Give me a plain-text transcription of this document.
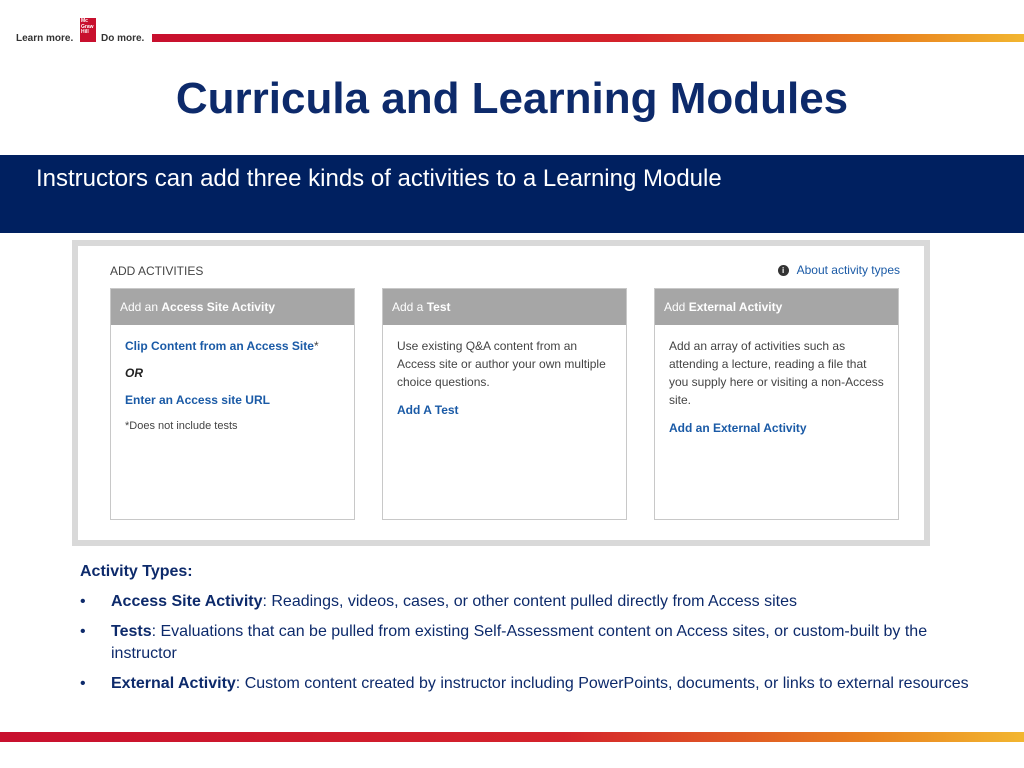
Learn more.
Mc
Graw
Hill
Do more.
Curricula and Learning Modules
Instructors can add three kinds of activities to a Learning Module
ADD ACTIVITIES	i About activity types
Add an Access Site Activity
Clip Content from an Access Site*
OR
Enter an Access site URL
*Does not include tests
Add a Test
Use existing Q&A content from an Access site or author your own multiple choice questions.
Add A Test
Add External Activity
Add an array of activities such as attending a lecture, reading a file that you supply here or visiting a non-Access site.
Add an External Activity
Activity Types:
• Access Site Activity: Readings, videos, cases, or other content pulled directly from Access sites
• Tests: Evaluations that can be pulled from existing Self-Assessment content on Access sites, or custom-built by the instructor
• External Activity: Custom content created by instructor including PowerPoints, documents, or links to external resources
